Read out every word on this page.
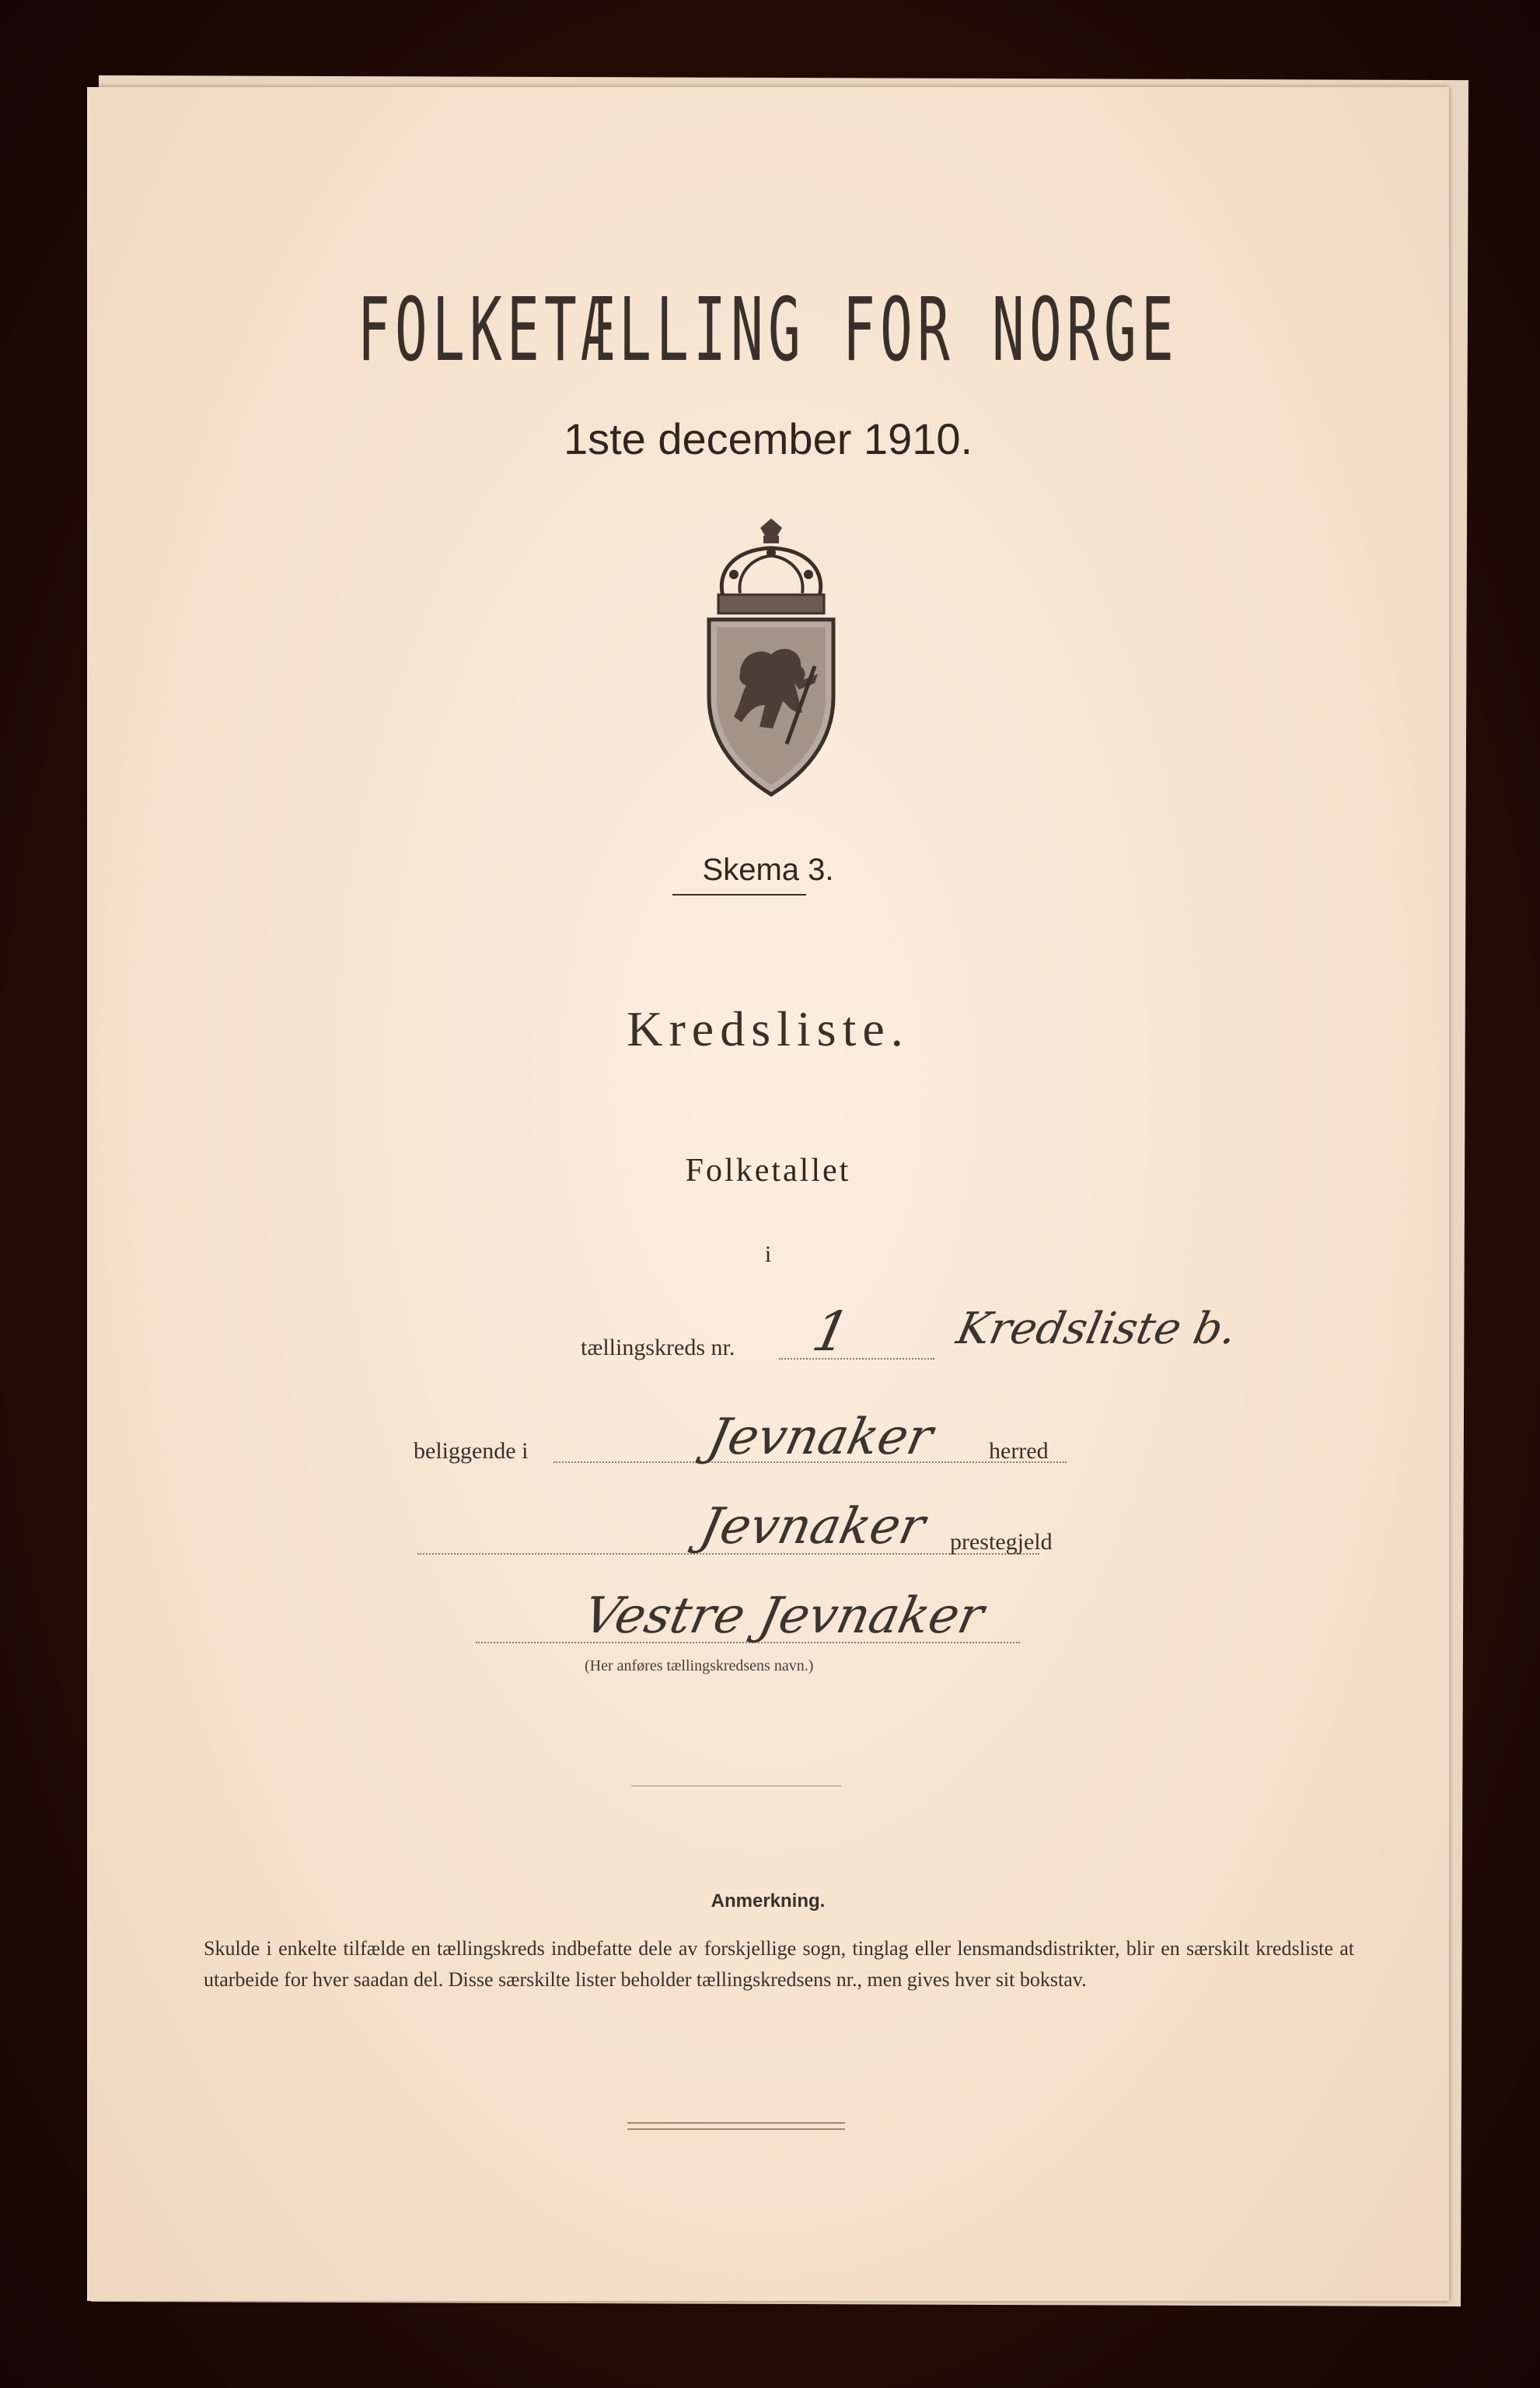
FOLKETÆLLING FOR NORGE
1ste december 1910.
Skema 3.
Kredsliste.
Folketallet
i
tællingskreds nr. 1 Kredsliste b.
beliggende i	Jevnaker herred
Jevnaker prestegjeld
Vestre Jevnaker
(Her anføres tællingskredsens navn.)
Anmerkning.
Skulde i enkelte tilfælde en tællingskreds indbefatte dele av forskjellige sogn, tinglag eller lensmandsdistrikter, blir en særskilt kredsliste at utarbeide for hver saadan del. Disse særskilte lister beholder tællingskredsens nr., men gives hver sit bokstav.
